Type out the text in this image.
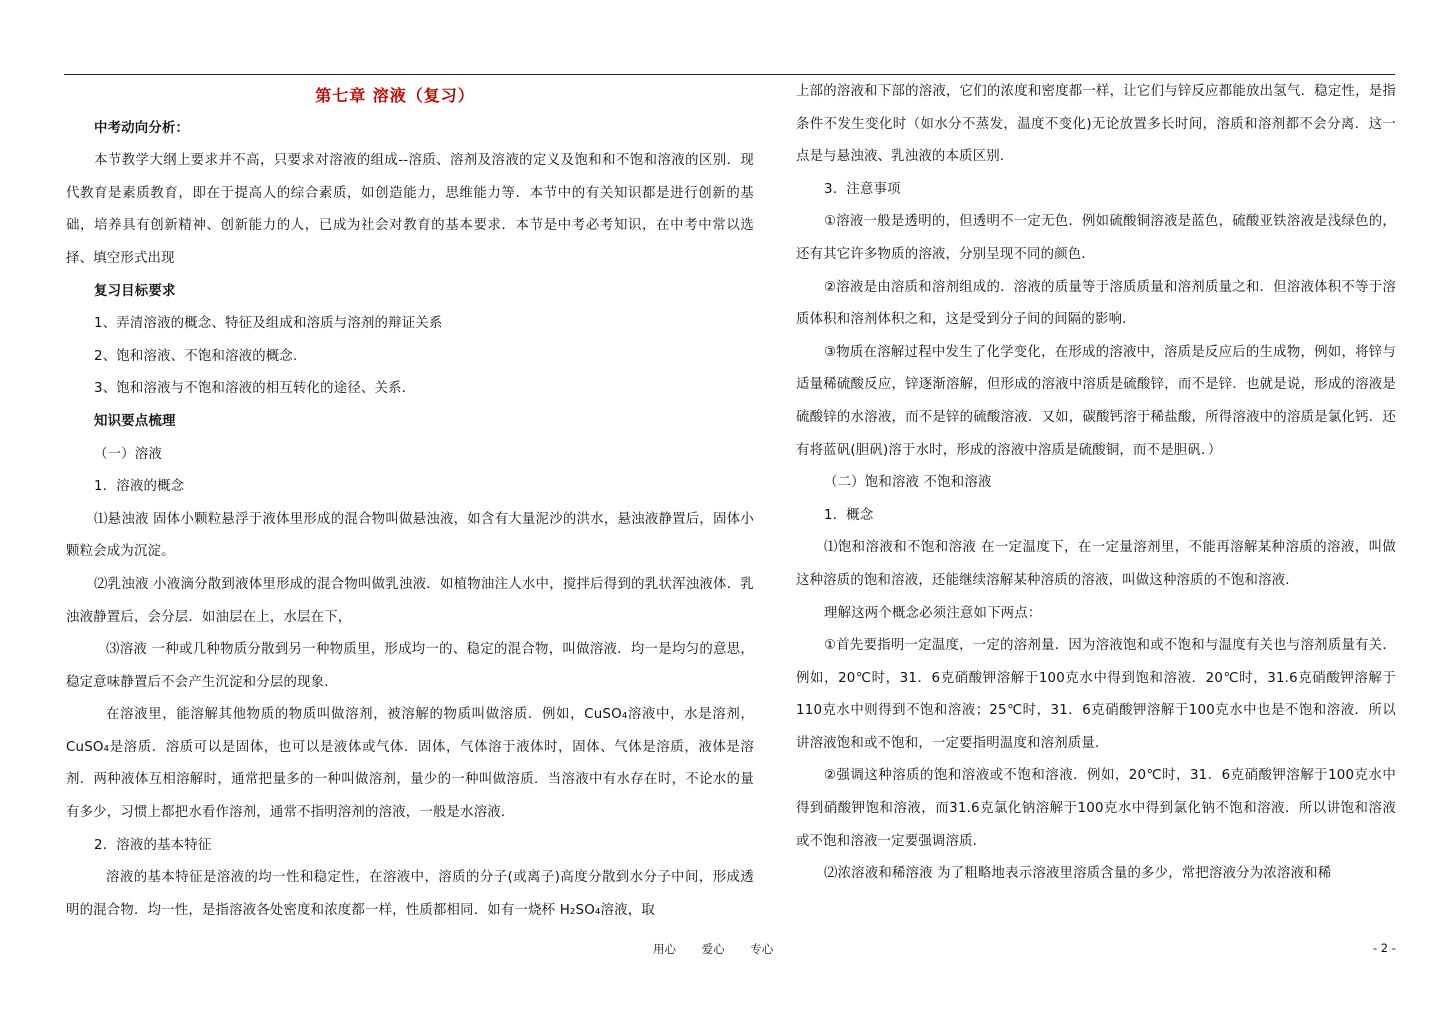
第七章 溶液（复习）

中考动向分析：

本节教学大纲上要求并不高，只要求对溶液的组成--溶质、溶剂及溶液的定义及饱和和不饱和溶液的区别．现代教育是素质教育，即在于提高人的综合素质，如创造能力，思维能力等．本节中的有关知识都是进行创新的基础，培养具有创新精神、创新能力的人，已成为社会对教育的基本要求．本节是中考必考知识，在中考中常以选择、填空形式出现

复习目标要求

1、弄清溶液的概念、特征及组成和溶质与溶剂的辩证关系

2、饱和溶液、不饱和溶液的概念.

3、饱和溶液与不饱和溶液的相互转化的途径、关系．

知识要点梳理

（一）溶液

1．溶液的概念

⑴悬浊液 固体小颗粒悬浮于液体里形成的混合物叫做悬浊液，如含有大量泥沙的洪水，悬浊液静置后，固体小颗粒会成为沉淀。

⑵乳浊液 小液滴分散到液体里形成的混合物叫做乳浊液．如植物油注人水中，搅拌后得到的乳状浑浊液体．乳浊液静置后，会分层．如油层在上，水层在下，

⑶溶液 一种或几种物质分散到另一种物质里，形成均一的、稳定的混合物，叫做溶液．均一是均匀的意思，稳定意味静置后不会产生沉淀和分层的现象．

在溶液里，能溶解其他物质的物质叫做溶剂，被溶解的物质叫做溶质．例如，CuSO₄溶液中，水是溶剂，CuSO₄是溶质．溶质可以是固体，也可以是液体或气体．固体，气体溶于液体时，固体、气体是溶质，液体是溶剂．两种液体互相溶解时，通常把量多的一种叫做溶剂，量少的一种叫做溶质．当溶液中有水存在时，不论水的量有多少，习惯上都把水看作溶剂，通常不指明溶剂的溶液，一般是水溶液．

2．溶液的基本特征

溶液的基本特征是溶液的均一性和稳定性，在溶液中，溶质的分子(或离子)高度分散到水分子中间，形成透明的混合物．均一性，是指溶液各处密度和浓度都一样，性质都相同．如有一烧杯 H₂SO₄溶液，取

上部的溶液和下部的溶液，它们的浓度和密度都一样，让它们与锌反应都能放出氢气．稳定性，是指条件不发生变化时（如水分不蒸发，温度不变化)无论放置多长时间，溶质和溶剂都不会分离．这一点是与悬浊液、乳浊液的本质区别．

3．注意事项

①溶液一般是透明的，但透明不一定无色．例如硫酸铜溶液是蓝色，硫酸亚铁溶液是浅绿色的，还有其它许多物质的溶液，分别呈现不同的颜色．

②溶液是由溶质和溶剂组成的．溶液的质量等于溶质质量和溶剂质量之和．但溶液体积不等于溶质体积和溶剂体积之和，这是受到分子间的间隔的影响．

③物质在溶解过程中发生了化学变化，在形成的溶液中，溶质是反应后的生成物，例如，将锌与适量稀硫酸反应，锌逐渐溶解，但形成的溶液中溶质是硫酸锌，而不是锌．也就是说，形成的溶液是硫酸锌的水溶液，而不是锌的硫酸溶液．又如，碳酸钙溶于稀盐酸，所得溶液中的溶质是氯化钙．还有将蓝矾(胆矾)溶于水时，形成的溶液中溶质是硫酸铜，而不是胆矾．）

（二）饱和溶液 不饱和溶液

1．概念

⑴饱和溶液和不饱和溶液 在一定温度下，在一定量溶剂里，不能再溶解某种溶质的溶液，叫做这种溶质的饱和溶液，还能继续溶解某种溶质的溶液，叫做这种溶质的不饱和溶液．

理解这两个概念必须注意如下两点：

①首先要指明一定温度，一定的溶剂量．因为溶液饱和或不饱和与温度有关也与溶剂质量有关．例如，20℃时，31．6克硝酸钾溶解于100克水中得到饱和溶液．20℃时，31.6克硝酸钾溶解于110克水中则得到不饱和溶液；25℃时，31．6克硝酸钾溶解于100克水中也是不饱和溶液．所以讲溶液饱和或不饱和，一定要指明温度和溶剂质量．

②强调这种溶质的饱和溶液或不饱和溶液．例如，20℃时，31．6克硝酸钾溶解于100克水中得到硝酸钾饱和溶液，而31.6克氯化钠溶解于100克水中得到氯化钠不饱和溶液．所以讲饱和溶液或不饱和溶液一定要强调溶质．

⑵浓溶液和稀溶液 为了粗略地表示溶液里溶质含量的多少，常把溶液分为浓溶液和稀

用心 爱心 专心	- 2 -
